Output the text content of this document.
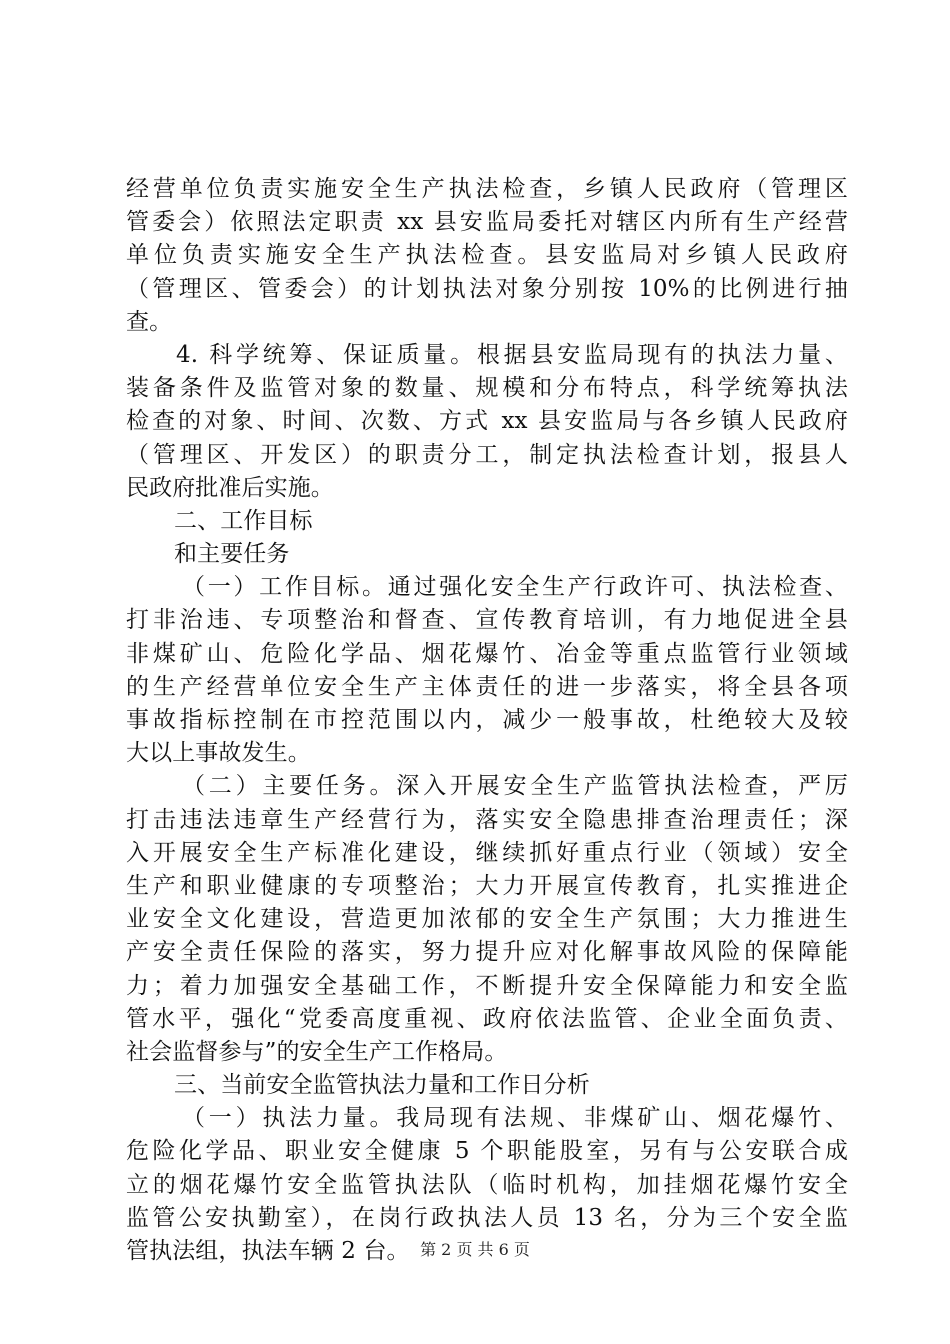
经营单位负责实施安全生产执法检查，乡镇人民政府（管理区
管委会）依照法定职责 xx 县安监局委托对辖区内所有生产经营
单位负责实施安全生产执法检查。县安监局对乡镇人民政府
（管理区、管委会）的计划执法对象分别按 10%的比例进行抽
查。
4. 科学统筹、保证质量。根据县安监局现有的执法力量、
装备条件及监管对象的数量、规模和分布特点，科学统筹执法
检查的对象、时间、次数、方式 xx 县安监局与各乡镇人民政府
（管理区、开发区）的职责分工，制定执法检查计划，报县人
民政府批准后实施。
二、工作目标
和主要任务
（一）工作目标。通过强化安全生产行政许可、执法检查、
打非治违、专项整治和督查、宣传教育培训，有力地促进全县
非煤矿山、危险化学品、烟花爆竹、冶金等重点监管行业领域
的生产经营单位安全生产主体责任的进一步落实，将全县各项
事故指标控制在市控范围以内，减少一般事故，杜绝较大及较
大以上事故发生。
（二）主要任务。深入开展安全生产监管执法检查，严厉
打击违法违章生产经营行为，落实安全隐患排查治理责任；深
入开展安全生产标准化建设，继续抓好重点行业（领域）安全
生产和职业健康的专项整治；大力开展宣传教育，扎实推进企
业安全文化建设，营造更加浓郁的安全生产氛围；大力推进生
产安全责任保险的落实，努力提升应对化解事故风险的保障能
力；着力加强安全基础工作，不断提升安全保障能力和安全监
管水平，强化“党委高度重视、政府依法监管、企业全面负责、
社会监督参与”的安全生产工作格局。
三、当前安全监管执法力量和工作日分析
（一）执法力量。我局现有法规、非煤矿山、烟花爆竹、
危险化学品、职业安全健康 5 个职能股室，另有与公安联合成
立的烟花爆竹安全监管执法队（临时机构，加挂烟花爆竹安全
监管公安执勤室），在岗行政执法人员 13 名，分为三个安全监
管执法组，执法车辆 2 台。 第 2 页 共 6 页
